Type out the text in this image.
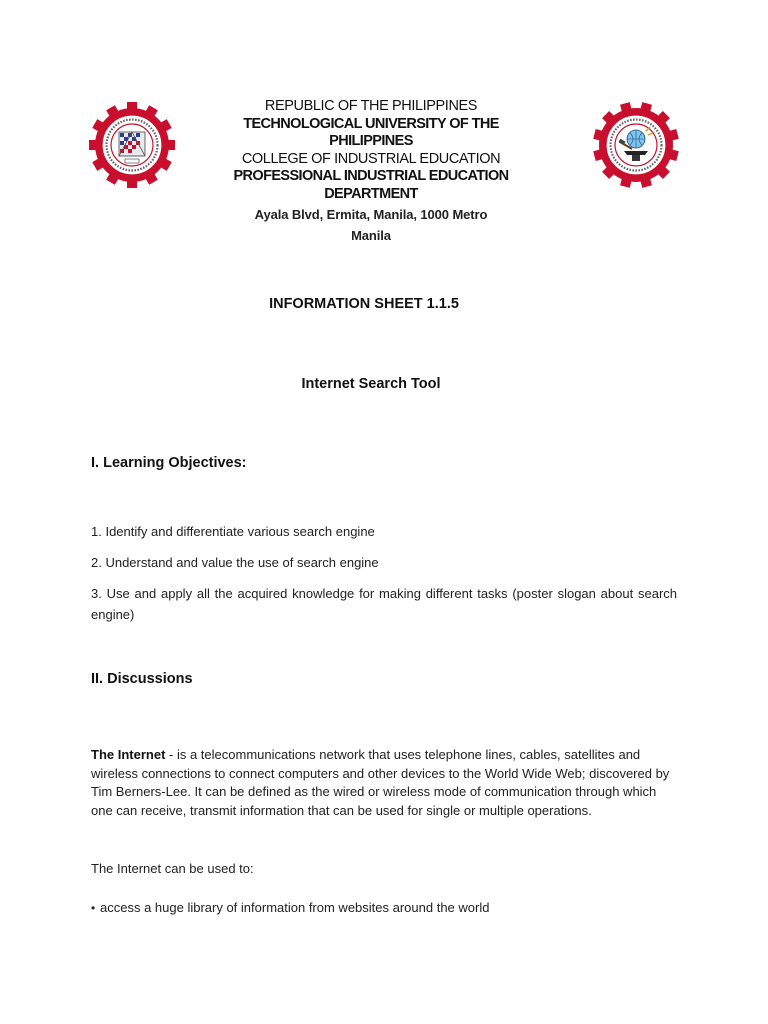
REPUBLIC OF THE PHILIPPINES
TECHNOLOGICAL UNIVERSITY OF THE
PHILIPPINES
COLLEGE OF INDUSTRIAL EDUCATION
PROFESSIONAL INDUSTRIAL EDUCATION
DEPARTMENT
Ayala Blvd, Ermita, Manila, 1000 Metro
Manila
INFORMATION SHEET 1.1.5
Internet Search Tool
I. Learning Objectives:
1. Identify and differentiate various search engine
2. Understand and value the use of search engine
3. Use and apply all the acquired knowledge for making different tasks (poster slogan about search engine)
II. Discussions
The Internet - is a telecommunications network that uses telephone lines, cables, satellites and wireless connections to connect computers and other devices to the World Wide Web; discovered by Tim Berners-Lee. It can be defined as the wired or wireless mode of communication through which one can receive, transmit information that can be used for single or multiple operations.
The Internet can be used to:
• access a huge library of information from websites around the world
